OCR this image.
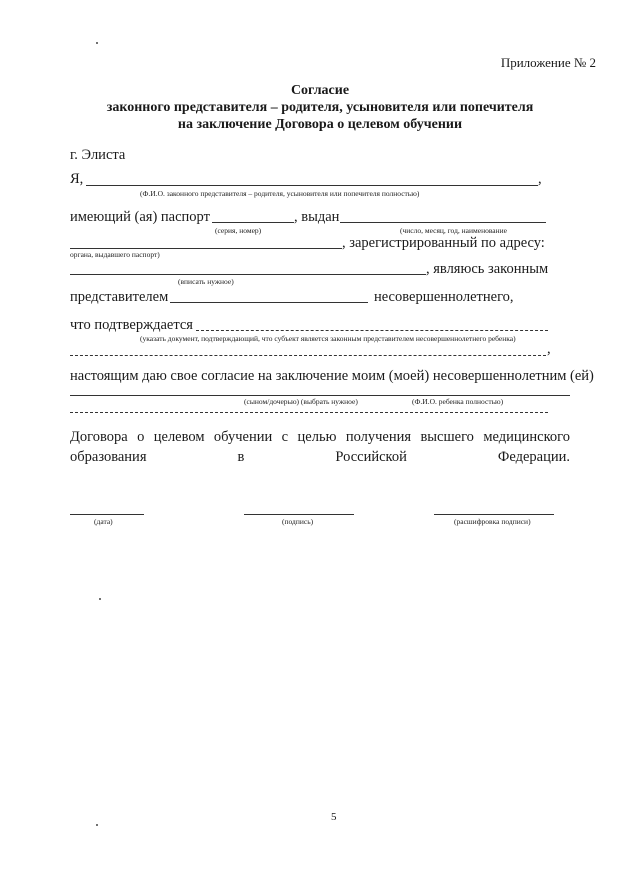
Приложение № 2
Согласие
законного представителя – родителя, усыновителя или попечителя
на заключение Договора о целевом обучении
г. Элиста
Я,	,
(Ф.И.О. законного представителя – родителя, усыновителя или попечителя полностью)
имеющий (ая) паспорт	, выдан
(серия, номер)	(число, месяц, год, наименование
, зарегистрированный по адресу:
органа, выдавшего паспорт)
, являюсь законным
(вписать нужное)
представителем	несовершеннолетнего,
что подтверждается
(указать документ, подтверждающий, что субъект является законным представителем несовершеннолетнего ребенка)
,
настоящим даю свое согласие на заключение моим (моей) несовершеннолетним (ей)
(сыном/дочерью) (выбрать нужное)	(Ф.И.О. ребенка полностью)
Договора о целевом обучении с целью получения высшего медицинского образования в Российской Федерации.
(дата)	(подпись)	(расшифровка подписи)
5
